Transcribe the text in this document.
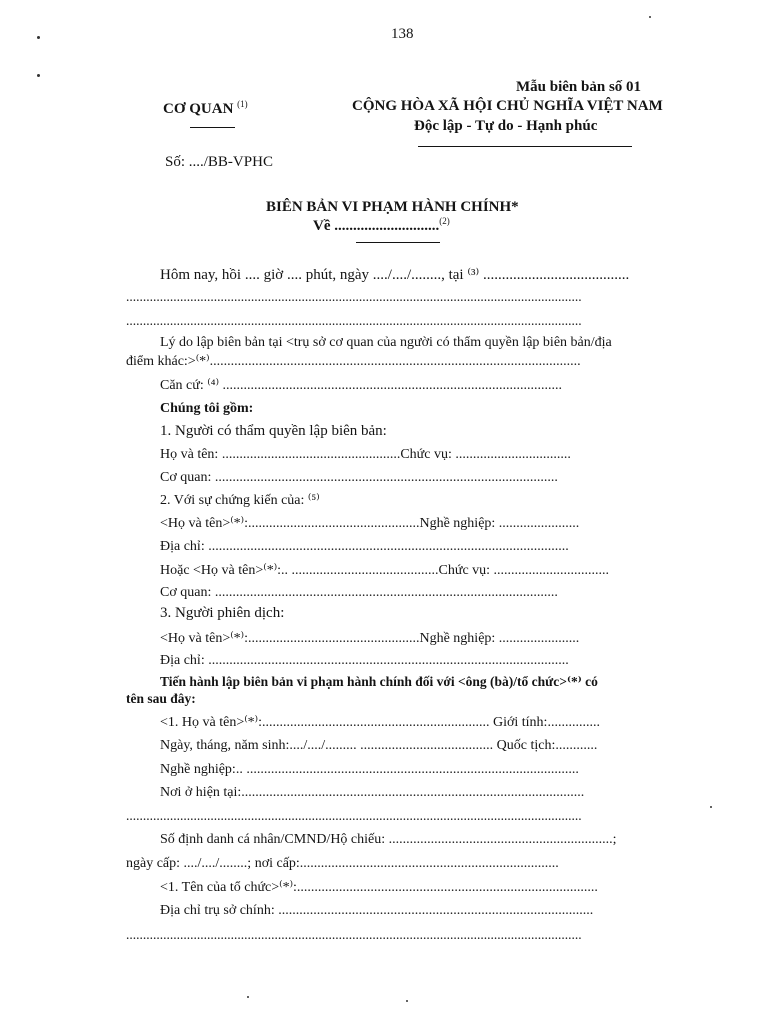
138
Mẫu biên bản số 01
CƠ QUAN $^{(1)}$	CỘNG HÒA XÃ HỘI CHỦ NGHĨA VIỆT NAM
Độc lập - Tự do - Hạnh phúc
Số: ..../BB-VPHC
BIÊN BẢN VI PHẠM HÀNH CHÍNH*
Về ............................$^{(2)}$
Hôm nay, hồi .... giờ .... phút, ngày ..../..../........, tại ⁽³⁾ .......................................
.......................................................................................................................................
.......................................................................................................................................
Lý do lập biên bản tại <trụ sở cơ quan của người có thẩm quyền lập biên bản/địa
điểm khác:>⁽*⁾..........................................................................................................
Căn cứ: ⁽⁴⁾ .................................................................................................
Chúng tôi gồm:
1. Người có thẩm quyền lập biên bản:
Họ và tên: ...................................................Chức vụ: .................................
Cơ quan: ..................................................................................................
2. Với sự chứng kiến của: ⁽⁵⁾
<Họ và tên>⁽*⁾:.................................................Nghề nghiệp: .......................
Địa chỉ: .......................................................................................................
Hoặc <Họ và tên>⁽*⁾:.. ..........................................Chức vụ: .................................
Cơ quan: ..................................................................................................
3. Người phiên dịch:
<Họ và tên>⁽*⁾:.................................................Nghề nghiệp: .......................
Địa chỉ: .......................................................................................................
Tiến hành lập biên bản vi phạm hành chính đối với <ông (bà)/tổ chức>⁽*⁾ có
tên sau đây:
<1. Họ và tên>⁽*⁾:................................................................. Giới tính:...............
Ngày, tháng, năm sinh:..../..../......... ...................................... Quốc tịch:............
Nghề nghiệp:.. ...............................................................................................
Nơi ở hiện tại:..................................................................................................
.......................................................................................................................................
Số định danh cá nhân/CMND/Hộ chiếu: ................................................................;
ngày cấp: ..../..../........; nơi cấp:..........................................................................
<1. Tên của tổ chức>⁽*⁾:......................................................................................
Địa chỉ trụ sở chính: ..........................................................................................
.......................................................................................................................................
